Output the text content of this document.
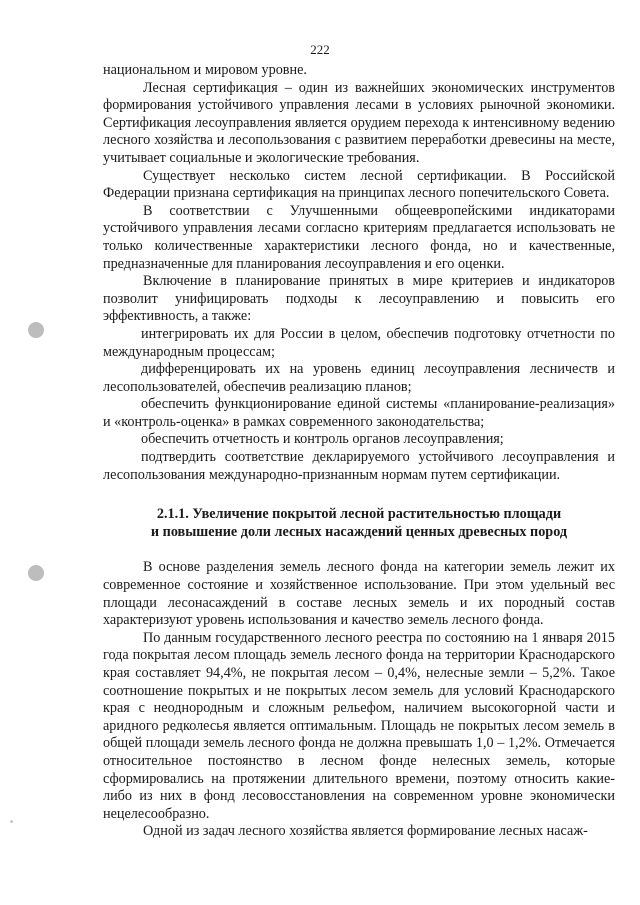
222

национальном и мировом уровне.

Лесная сертификация – один из важнейших экономических инструментов формирования устойчивого управления лесами в условиях рыночной экономики. Сертификация лесоуправления является орудием перехода к интенсивному ведению лесного хозяйства и лесопользования с развитием переработки древесины на месте, учитывает социальные и экологические требования.

Существует несколько систем лесной сертификации. В Российской Федерации признана сертификация на принципах лесного попечительского Совета.

В соответствии с Улучшенными общеевропейскими индикаторами устойчивого управления лесами согласно критериям предлагается использовать не только количественные характеристики лесного фонда, но и качественные, предназначенные для планирования лесоуправления и его оценки.

Включение в планирование принятых в мире критериев и индикаторов позволит унифицировать подходы к лесоуправлению и повысить его эффективность, а также:

интегрировать их для России в целом, обеспечив подготовку отчетности по международным процессам;

дифференцировать их на уровень единиц лесоуправления лесничеств и лесопользователей, обеспечив реализацию планов;

обеспечить функционирование единой системы «планирование-реализация» и «контроль-оценка» в рамках современного законодательства;

обеспечить отчетность и контроль органов лесоуправления;

подтвердить соответствие декларируемого устойчивого лесоуправления и лесопользования международно-признанным нормам путем сертификации.

2.1.1. Увеличение покрытой лесной растительностью площади
и повышение доли лесных насаждений ценных древесных пород

В основе разделения земель лесного фонда на категории земель лежит их современное состояние и хозяйственное использование. При этом удельный вес площади лесонасаждений в составе лесных земель и их породный состав характеризуют уровень использования и качество земель лесного фонда.

По данным государственного лесного реестра по состоянию на 1 января 2015 года покрытая лесом площадь земель лесного фонда на территории Краснодарского края составляет 94,4%, не покрытая лесом – 0,4%, нелесные земли – 5,2%. Такое соотношение покрытых и не покрытых лесом земель для условий Краснодарского края с неоднородным и сложным рельефом, наличием высокогорной части и аридного редколесья является оптимальным. Площадь не покрытых лесом земель в общей площади земель лесного фонда не должна превышать 1,0 – 1,2%. Отмечается относительное постоянство в лесном фонде нелесных земель, которые сформировались на протяжении длительного времени, поэтому относить какие-либо из них в фонд лесовосстановления на современном уровне экономически нецелесообразно.

Одной из задач лесного хозяйства является формирование лесных насаж-
